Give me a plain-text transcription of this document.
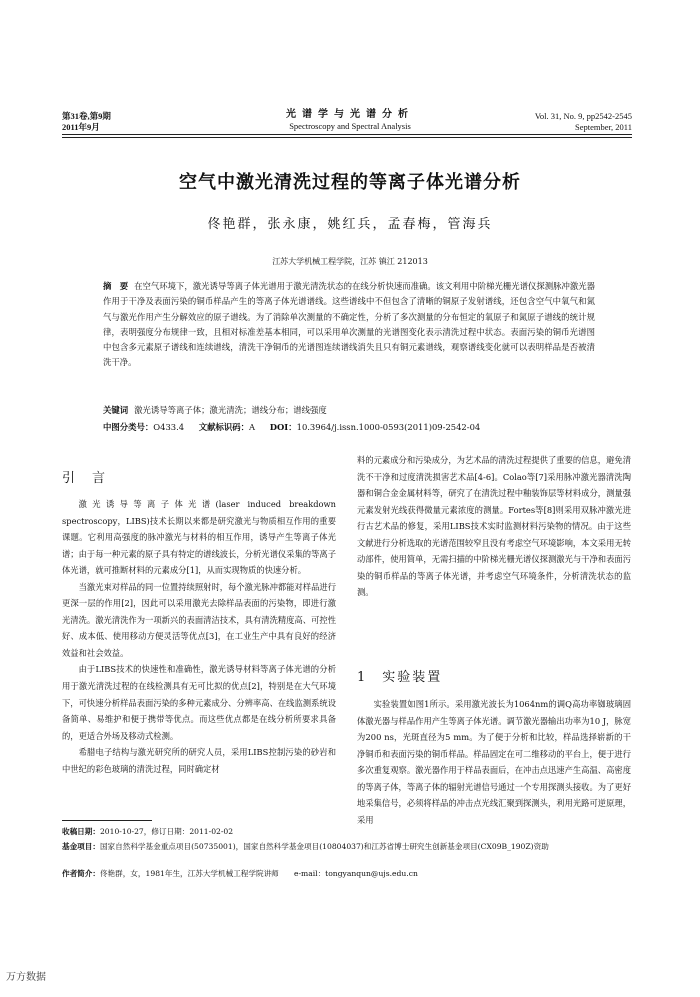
第31卷,第9期
2011年9月
光谱学与光谱分析
Spectroscopy and Spectral Analysis
Vol. 31, No. 9, pp2542-2545
September, 2011
空气中激光清洗过程的等离子体光谱分析
佟艳群，张永康，姚红兵，孟春梅，管海兵
江苏大学机械工程学院，江苏 镇江 212013
摘　要 在空气环境下，激光诱导等离子体光谱用于激光清洗状态的在线分析快速而准确。该文利用中阶梯光栅光谱仪探测脉冲激光器作用于干净及表面污染的铜币样品产生的等离子体光谱谱线。这些谱线中不但包含了清晰的铜原子发射谱线，还包含空气中氧气和氮气与激光作用产生分解效应的原子谱线。为了消除单次测量的不确定性，分析了多次测量的分布恒定的氧原子和氮原子谱线的统计规律，表明强度分布规律一致，且相对标准差基本相同，可以采用单次测量的光谱图变化表示清洗过程中状态。表面污染的铜币光谱图中包含多元素原子谱线和连续谱线，清洗干净铜币的光谱图连续谱线消失且只有铜元素谱线，观察谱线变化就可以表明样品是否被清洗干净。
关键词 激光诱导等离子体；激光清洗；谱线分布；谱线强度
中图分类号：O433.4 文献标识码：A DOI：10.3964/j.issn.1000-0593(2011)09-2542-04
引　言

激光诱导等离子体光谱(laser induced breakdown spectroscopy，LIBS)技术长期以来都是研究激光与物质相互作用的重要课题。它利用高强度的脉冲激光与材料的相互作用，诱导产生等离子体光谱；由于每一种元素的原子具有特定的谱线波长，分析光谱仪采集的等离子体光谱，就可推断材料的元素成分[1]，从而实现物质的快速分析。

当激光束对样品的同一位置持续照射时，每个激光脉冲都能对样品进行更深一层的作用[2]，因此可以采用激光去除样品表面的污染物，即进行激光清洗。激光清洗作为一项新兴的表面清洁技术，具有清洗精度高、可控性好、成本低、使用移动方便灵活等优点[3]，在工业生产中具有良好的经济效益和社会效益。

由于LIBS技术的快速性和准确性，激光诱导材料等离子体光谱的分析用于激光清洗过程的在线检测具有无可比拟的优点[2]，特别是在大气环境下，可快速分析样品表面污染的多种元素成分、分辨率高、在线监测系统设备简单、易维护和便于携带等优点。而这些优点都是在线分析所要求具备的，更适合外场及移动式检测。

希腊电子结构与激光研究所的研究人员，采用LIBS控制污染的砂岩和中世纪的彩色玻璃的清洗过程，同时确定材

料的元素成分和污染成分，为艺术品的清洗过程提供了重要的信息，避免清洗不干净和过度清洗损害艺术品[4-6]。Colao等[7]采用脉冲激光器清洗陶器和铜合金金属材料等，研究了在清洗过程中釉装饰层等材料成分，测量强元素发射光线获得微量元素浓度的测量。Fortes等[8]则采用双脉冲激光进行古艺术品的修复，采用LIBS技术实时监测材料污染物的情况。由于这些文献进行分析选取的光谱范围较窄且没有考虑空气环境影响，本文采用无转动部件，使用简单，无需扫描的中阶梯光栅光谱仪探测激光与干净和表面污染的铜币样品的等离子体光谱，并考虑空气环境条件，分析清洗状态的监测。

1　实验装置

实验装置如图1所示。采用激光波长为1064nm的调Q高功率铷玻璃固体激光器与样品作用产生等离子体光谱。调节激光器输出功率为10 J，脉宽为200 ns，光斑直径为5 mm。为了便于分析和比较，样品选择崭新的干净铜币和表面污染的铜币样品。样品固定在可二维移动的平台上，便于进行多次重复观察。激光器作用于样品表面后，在冲击点迅速产生高温、高密度的等离子体，等离子体的辐射光谱信号通过一个专用探测头接收。为了更好地采集信号，必须将样品的冲击点光线汇聚到探测头，利用光路可逆原理，采用

收稿日期：2010-10-27，修订日期：2011-02-02
基金项目：国家自然科学基金重点项目(50735001)，国家自然科学基金项目(10804037)和江苏省博士研究生创新基金项目(CX09B_190Z)资助
作者简介：佟艳群，女，1981年生，江苏大学机械工程学院讲师　　e-mail：tongyanqun@ujs.edu.cn
万方数据
